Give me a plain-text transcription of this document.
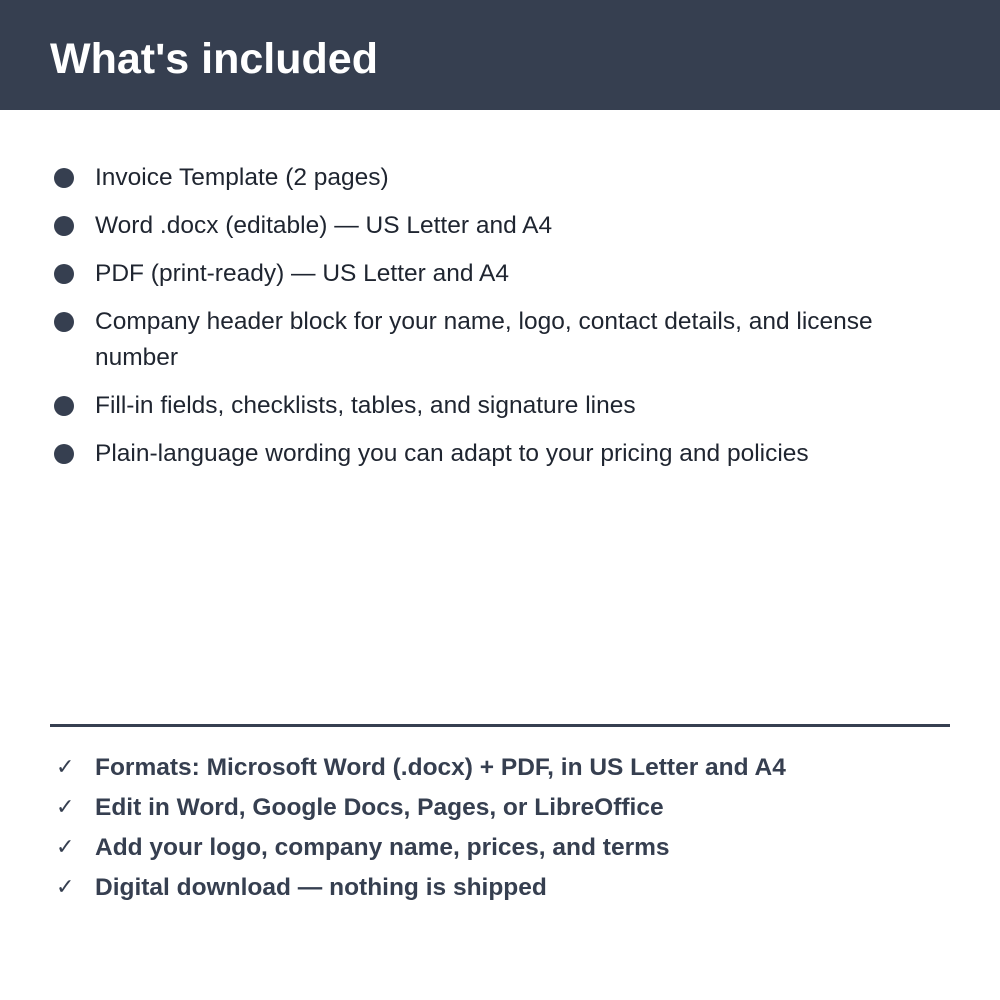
What's included
Invoice Template (2 pages)
Word .docx (editable) — US Letter and A4
PDF (print-ready) — US Letter and A4
Company header block for your name, logo, contact details, and license number
Fill-in fields, checklists, tables, and signature lines
Plain-language wording you can adapt to your pricing and policies
✓ Formats: Microsoft Word (.docx) + PDF, in US Letter and A4
✓ Edit in Word, Google Docs, Pages, or LibreOffice
✓ Add your logo, company name, prices, and terms
✓ Digital download — nothing is shipped
